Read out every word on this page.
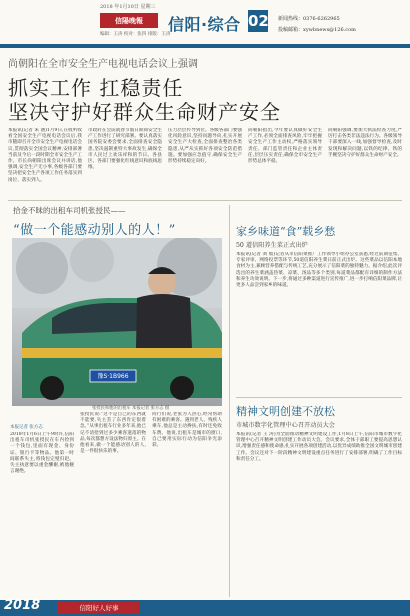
2018 年1月10日 星期三
信陽晚報
编辑：王涛 校对：张四 排版：王涛
信阳·综合 02 新闻热线：0376-6262965
投稿邮箱：xywbnews@126.com
尚朝阳在全市安全生产电视电话会议上强调
抓实工作 扛稳责任
坚决守护好群众生命财产安全
本报讯(记者 朱 涵)1月9日,在收听收看全国安全生产电视电话会议后,我市随即召开全市安全生产电视电话会议,贯彻落实全国会议精神,安排部署当前及今后一段时期全市安全生产工作。市长尚朝阳出席会议并讲话,他强调,安全生产无小事,各级各部门要坚决把安全生产各项工作任务落实到岗位、落实到人。
市政府在会前就春节假日期间安全生产工作进行了研究部署。要认真落实国务院安委会要求,全面排查安全隐患,坚决遏制重特大事故发生,确保全市人民过上欢乐祥和的节日。各县区、各部门要强化红线意识和底线思维。
压力层层传导到位。各级各部门要强化风险意识,坚持问题导向,扎实开展安全生产大检查,全面排查整治各类隐患,从严从实抓好各项安全防范措施。要加强应急值守,确保安全生产形势持续稳定向好。
尚朝阳指出,今年要认真做好安全生产工作,必须全面排查风险,牢牢把握安全生产工作主动权,严格落实领导责任、部门监管责任和企业主体责任,层层压实责任,确保全市安全生产形势总体平稳。
尚朝阳强调,要加大执法检查力度,严厉打击各类非法违法行为。各级领导干部要深入一线,加强督导检查,及时发现和解决问题,以铁的纪律、铁的手腕坚决守护好群众生命财产安全。
拾金不昧的出租车司机张授民——
“做一个能感动别人的人！”
豫S·1B966
张授民和他的出租车 本报记者 张方志 摄
本报记者 张方志
2018年1月6日上午9时许,信阳出租车司机张授民在车内捡到一个钱包,里面有现金、身份证、银行卡等物品。他第一时间联系失主,将钱包完璧归赵。失主执意要以重金酬谢,被他婉言谢绝。
张授民说:“这不是自己的东西就不能要,失主丢了东西肯定很着急。”从事出租车行业多年来,他已记不清拾到过多少乘客遗落的物品,每次都想方设法物归原主。在他看来,做一个能感动别人的人,是一件很快乐的事。
同行们说,老张为人热心,经常帮助有困难的乘客。遇到老人、残疾人乘车,他总是主动搀扶,有时还免收车费。他说,出租车是城市的窗口,自己要用实际行动为信阳争光添彩。
家乡味道“食”载乡愁
50 道信阳养生菜正式出炉
本报讯(记者 刘 灿)记者从市信阳菜推广工作领导小组办公室获悉,经过前期征集、专家评审、网络投票等环节,50道信阳养生菜日前正式出炉。这些菜品以信阳本地食材为主,兼顾营养搭配与传统工艺,充分展示了信阳菜的独特魅力。据介绍,此次评选出的养生菜涵盖热菜、凉菜、汤品等多个类别,每道菜品都配有详细的制作方法和养生功效说明。下一步,将通过多种渠道进行宣传推广,进一步打响信阳菜品牌,让更多人品尝到家乡的味道。
精神文明创建不放松
市城市数字化管理中心召开动员大会
本报讯(记者 王 涛)为全面推动精神文明建设工作,1月8日上午,信阳市城市数字化管理中心召开精神文明创建工作动员大会。会议要求,全体干部职工要提高思想认识,增强责任感和使命感,扎实开展各项创建活动,以优异成绩助推全国文明城市创建工作。会议还对下一阶段精神文明建设重点任务进行了安排部署,明确了工作目标和责任分工。
2018	信阳好人好事
